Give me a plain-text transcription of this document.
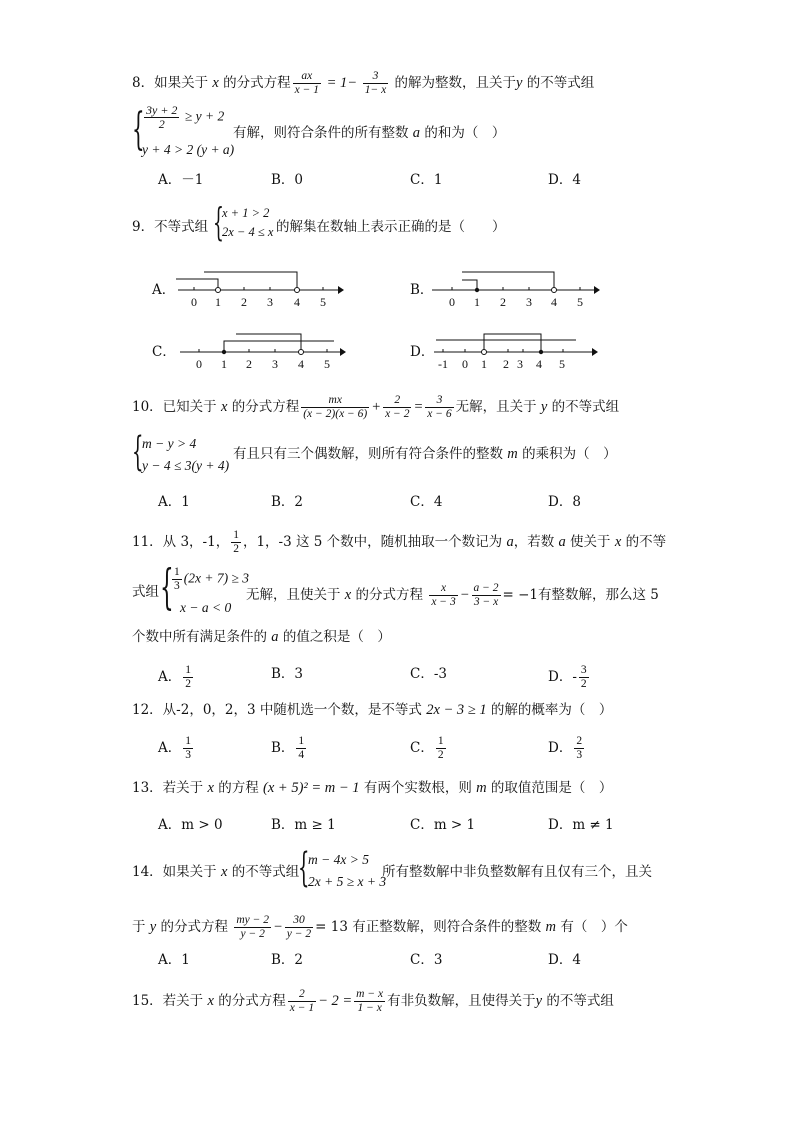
8．如果关于 x 的分式方程 $\frac{ax}{x - 1} = 1- \frac{3}{1- x}$ 的解为整数，且关于y 的不等式组
{ $\frac{3y + 2}{2} \ge y + 2$
y + 4 > 2 (y + a)
有解，则符合条件的所有整数 a 的和为（　）
A．－1	B．0	C．1	D．4
9．不等式组 {
x + 1 > 2
2x − 4 ≤ x 的解集在数轴上表示正确的是（　　）
A．
0 1 2 3 4 5
B．
0 1 2 3 4 5
C．
0 1 2 3 4 5
D．
-1 0 1 2 3 4 5
10．已知关于 x 的分式方程 $\frac{mx}{(x - 2)(x - 6)} + \frac{2}{x - 2} = \frac{3}{x - 6}$ 无解，且关于 y 的不等式组
{
m − y > 4
y − 4 ≤ 3(y + 4)
有且只有三个偶数解，则所有符合条件的整数 m 的乘积为（　）
A．1	B．2	C．4	D．8
11．从 3，-1， $\frac{1}{2}$ ，1，-3 这 5 个数中，随机抽取一个数记为 a，若数 a 使关于 x 的不等
式组 {
$\frac{1}{3} (2x + 7) \ge 3$
x − a < 0
无解，且使关于 x 的分式方程 $\frac{x}{x - 3} - \frac{a - 2}{3 - x} = -1$有整数解，那么这 5
个数中所有满足条件的 a 的值之积是（　）
A． $\frac{1}{2}$	B．3	C．-3	D．- $\frac{3}{2}$
12．从-2，0，2，3 中随机选一个数，是不等式 2x − 3 ≥ 1 的解的概率为（　）
A． $\frac{1}{3}$	B． $\frac{1}{4}$	C． $\frac{1}{2}$	D． $\frac{2}{3}$
13．若关于 x 的方程 (x + 5)² = m − 1 有两个实数根，则 m 的取值范围是（　）
A．m > 0	B．m ≥ 1	C．m > 1	D．m ≠ 1
14．如果关于 x 的不等式组
{
m − 4x > 5
2x + 5 ≥ x + 3
所有整数解中非负整数解有且仅有三个，且关
于 y 的分式方程 $\frac{my - 2}{y - 2} - \frac{30}{y - 2} = 13$ 有正整数解，则符合条件的整数 m 有（　）个
A．1	B．2	C．3	D．4
15．若关于 x 的分式方程 $\frac{2}{x - 1} - 2 = \frac{m - x}{1 - x}$ 有非负数解，且使得关于y 的不等式组
